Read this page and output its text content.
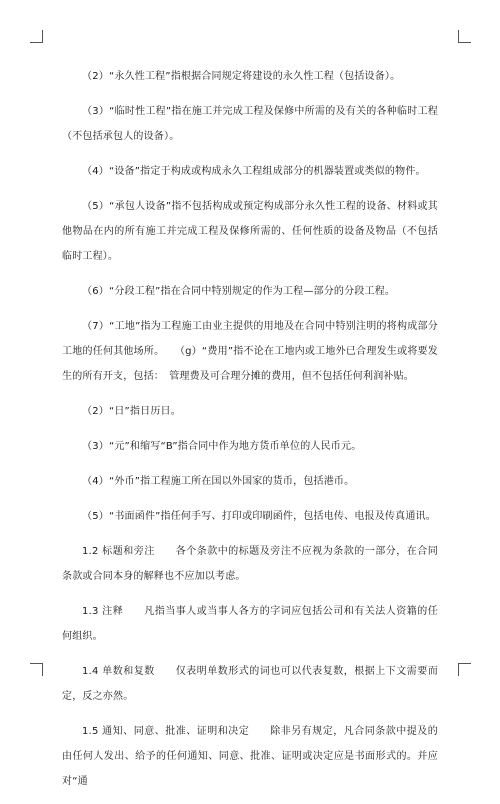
（2）“永久性工程”指根据合同规定将建设的永久性工程（包括设备）。

（3）“临时性工程”指在施工并完成工程及保修中所需的及有关的各种临时工程（不包括承包人的设备）。

（4）“设备”指定于构成或构成永久工程组成部分的机器装置或类似的物件。

（5）“承包人设备”指不包括构成或预定构成部分永久性工程的设备、材料或其他物品在内的所有施工并完成工程及保修所需的、任何性质的设备及物品（不包括临时工程）。

（6）“分段工程”指在合同中特别规定的作为工程—部分的分段工程。

（7）“工地”指为工程施工由业主提供的用地及在合同中特别注明的将构成部分工地的任何其他场所。　　（g）“费用”指不论在工地内或工地外已合理发生或将要发生的所有开支，包括：　管理费及可合理分摊的费用，但不包括任何利润补贴。

（2）“日”指日历日。

（3）“元”和缩写“B”指合同中作为地方货币单位的人民币元。

（4）“外币”指工程施工所在国以外国家的货币，包括港币。

（5）“书面函件”指任何手写、打印或印刷函件，包括电传、电报及传真通讯。

1.2 标题和旁注　　各个条款中的标题及旁注不应视为条款的一部分，在合同条款或合同本身的解释也不应加以考虑。

1.3 注释　　凡指当事人或当事人各方的字词应包括公司和有关法人资籍的任何组织。

1.4 单数和复数　　仅表明单数形式的词也可以代表复数，根据上下文需要而定，反之亦然。

1.5 通知、同意、批准、证明和决定　　除非另有规定，凡合同条款中提及的由任何人发出、给予的任何通知、同意、批准、证明或决定应是书面形式的。并应对“通
